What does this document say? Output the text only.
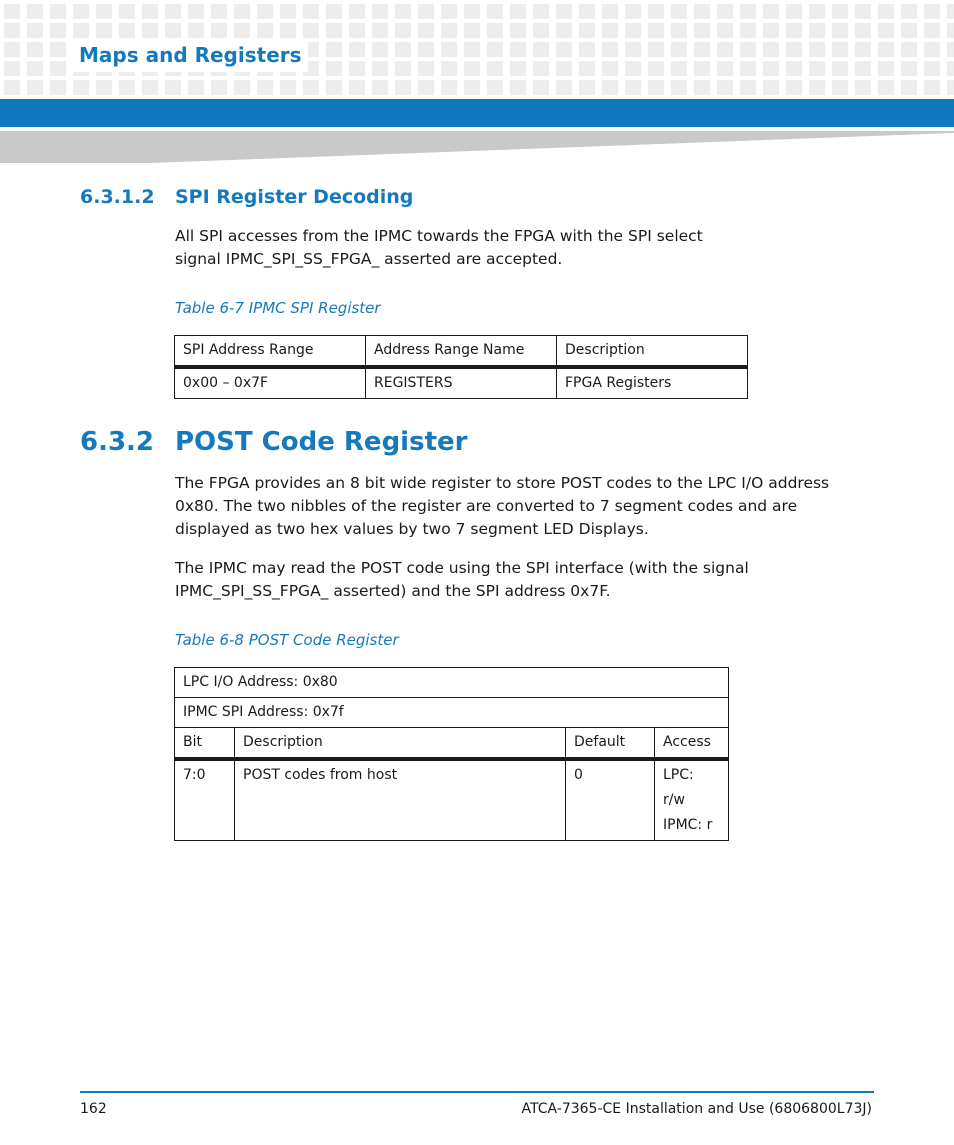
Maps and Registers
6.3.1.2 SPI Register Decoding
All SPI accesses from the IPMC towards the FPGA with the SPI select signal IPMC_SPI_SS_FPGA_ asserted are accepted.
Table 6-7 IPMC SPI Register
SPI Address Range	Address Range Name	Description
0x00 – 0x7F	REGISTERS	FPGA Registers
6.3.2 POST Code Register
The FPGA provides an 8 bit wide register to store POST codes to the LPC I/O address 0x80. The two nibbles of the register are converted to 7 segment codes and are displayed as two hex values by two 7 segment LED Displays.
The IPMC may read the POST code using the SPI interface (with the signal IPMC_SPI_SS_FPGA_ asserted) and the SPI address 0x7F.
Table 6-8 POST Code Register
LPC I/O Address: 0x80			
IPMC SPI Address: 0x7f			
Bit	Description	Default	Access
7:0	POST codes from host	0	LPC: r/w
IPMC: r
162	ATCA-7365-CE Installation and Use (6806800L73J)
